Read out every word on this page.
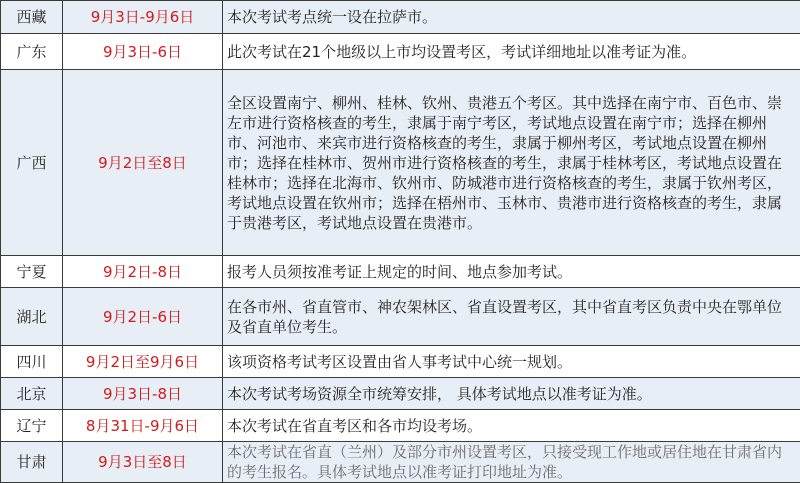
西藏	9月3日-9月6日	本次考试考点统一设在拉萨市。
广东	9月3日-6日	此次考试在21个地级以上市均设置考区，考试详细地址以准考证为准。
广西	9月2日至8日	全区设置南宁、柳州、桂林、钦州、贵港五个考区。其中选择在南宁市、百色市、崇左市进行资格核查的考生，隶属于南宁考区，考试地点设置在南宁市；选择在柳州市、河池市、来宾市进行资格核查的考生，隶属于柳州考区，考试地点设置在柳州市；选择在桂林市、贺州市进行资格核查的考生，隶属于桂林考区，考试地点设置在桂林市；选择在北海市、钦州市、防城港市进行资格核查的考生，隶属于钦州考区，考试地点设置在钦州市；选择在梧州市、玉林市、贵港市进行资格核查的考生，隶属于贵港考区，考试地点设置在贵港市。
宁夏	9月2日-8日	报考人员须按准考证上规定的时间、地点参加考试。
湖北	9月2日-6日	在各市州、省直管市、神农架林区、省直设置考区，其中省直考区负责中央在鄂单位及省直单位考生。
四川	9月2日至9月6日	该项资格考试考区设置由省人事考试中心统一规划。
北京	9月3日-8日	本次考试考场资源全市统筹安排， 具体考试地点以准考证为准。
辽宁	8月31日-9月6日	本次考试在省直考区和各市均设考场。
甘肃	9月3日至8日	本次考试在省直（兰州）及部分市州设置考区，只接受现工作地或居住地在甘肃省内的考生报名。具体考试地点以准考证打印地址为准。
